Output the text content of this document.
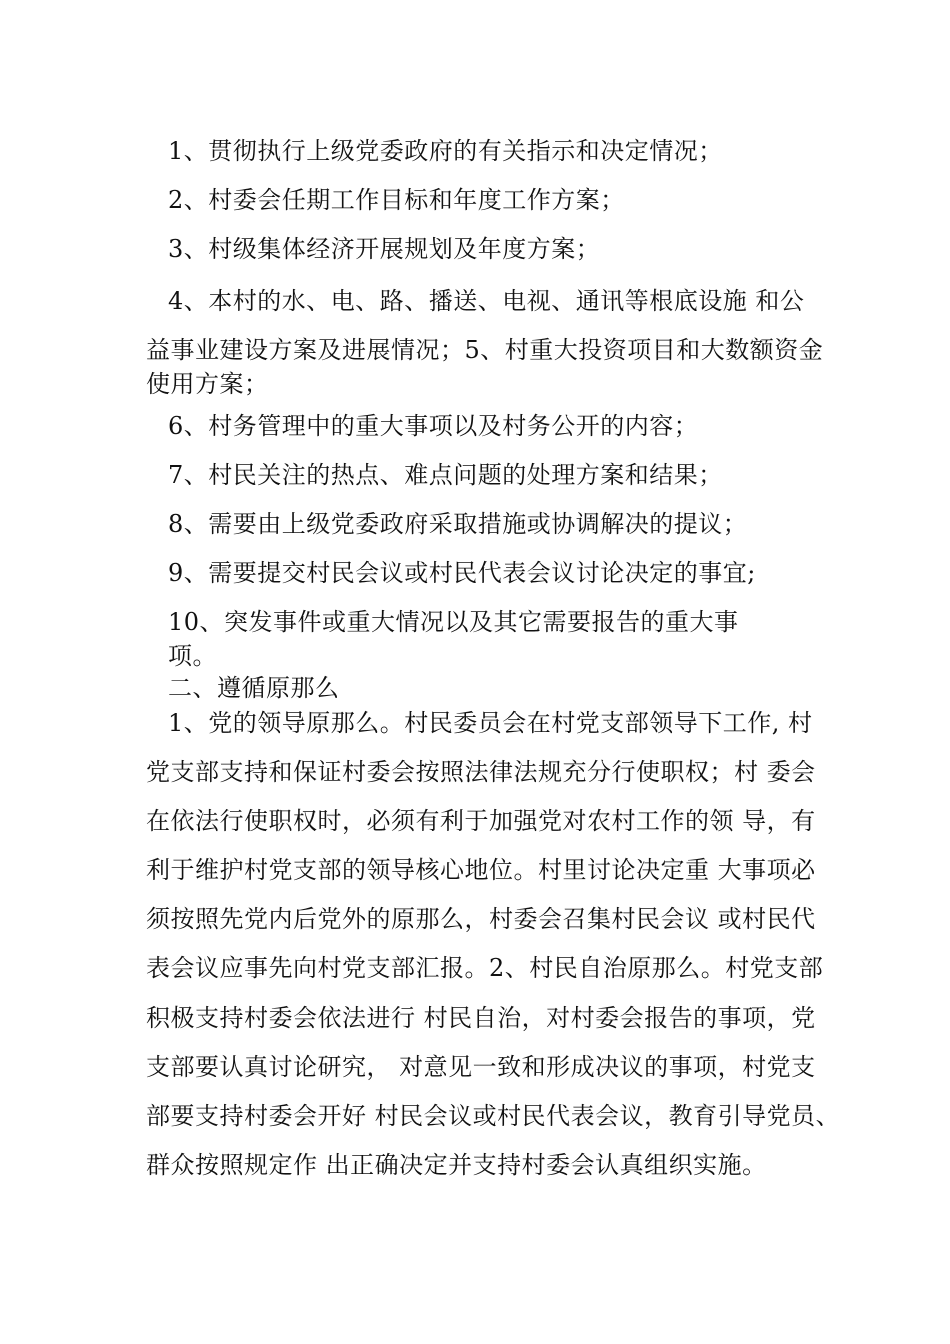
1、贯彻执行上级党委政府的有关指示和决定情况；
2、村委会任期工作目标和年度工作方案；
3、村级集体经济开展规划及年度方案；
4、本村的水、电、路、播送、电视、通讯等根底设施 和公
益事业建设方案及进展情况；5、村重大投资项目和大数额资金
使用方案；
6、村务管理中的重大事项以及村务公开的内容；
7、村民关注的热点、难点问题的处理方案和结果；
8、需要由上级党委政府采取措施或协调解决的提议；
9、需要提交村民会议或村民代表会议讨论决定的事宜;
10、突发事件或重大情况以及其它需要报告的重大事
项。
二、遵循原那么
1、党的领导原那么。村民委员会在村党支部领导下工作, 村
党支部支持和保证村委会按照法律法规充分行使职权；村 委会
在依法行使职权时，必须有利于加强党对农村工作的领 导，有
利于维护村党支部的领导核心地位。村里讨论决定重 大事项必
须按照先党内后党外的原那么，村委会召集村民会议 或村民代
表会议应事先向村党支部汇报。2、村民自治原那么。村党支部
积极支持村委会依法进行 村民自治，对村委会报告的事项，党
支部要认真讨论研究， 对意见一致和形成决议的事项，村党支
部要支持村委会开好 村民会议或村民代表会议，教育引导党员、
群众按照规定作 出正确决定并支持村委会认真组织实施。
